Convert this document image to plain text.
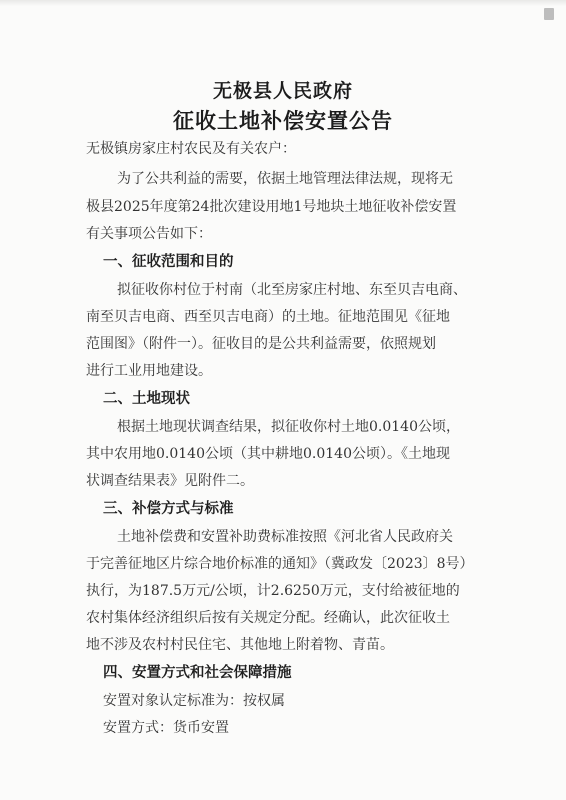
无极县人民政府
征收土地补偿安置公告
无极镇房家庄村农民及有关农户：
为了公共利益的需要，依据土地管理法律法规，现将无
极县2025年度第24批次建设用地1号地块土地征收补偿安置
有关事项公告如下：
一、征收范围和目的
拟征收你村位于村南（北至房家庄村地、东至贝吉电商、
南至贝吉电商、西至贝吉电商）的土地。征地范围见《征地
范围图》（附件一）。征收目的是公共利益需要，依照规划
进行工业用地建设。
二、土地现状
根据土地现状调查结果，拟征收你村土地0.0140公顷，
其中农用地0.0140公顷（其中耕地0.0140公顷）。《土地现
状调查结果表》见附件二。
三、补偿方式与标准
土地补偿费和安置补助费标准按照《河北省人民政府关
于完善征地区片综合地价标准的通知》（冀政发〔2023〕8号）
执行，为187.5万元/公顷，计2.6250万元，支付给被征地的
农村集体经济组织后按有关规定分配。经确认，此次征收土
地不涉及农村村民住宅、其他地上附着物、青苗。
四、安置方式和社会保障措施
安置对象认定标准为：按权属
安置方式：货币安置
